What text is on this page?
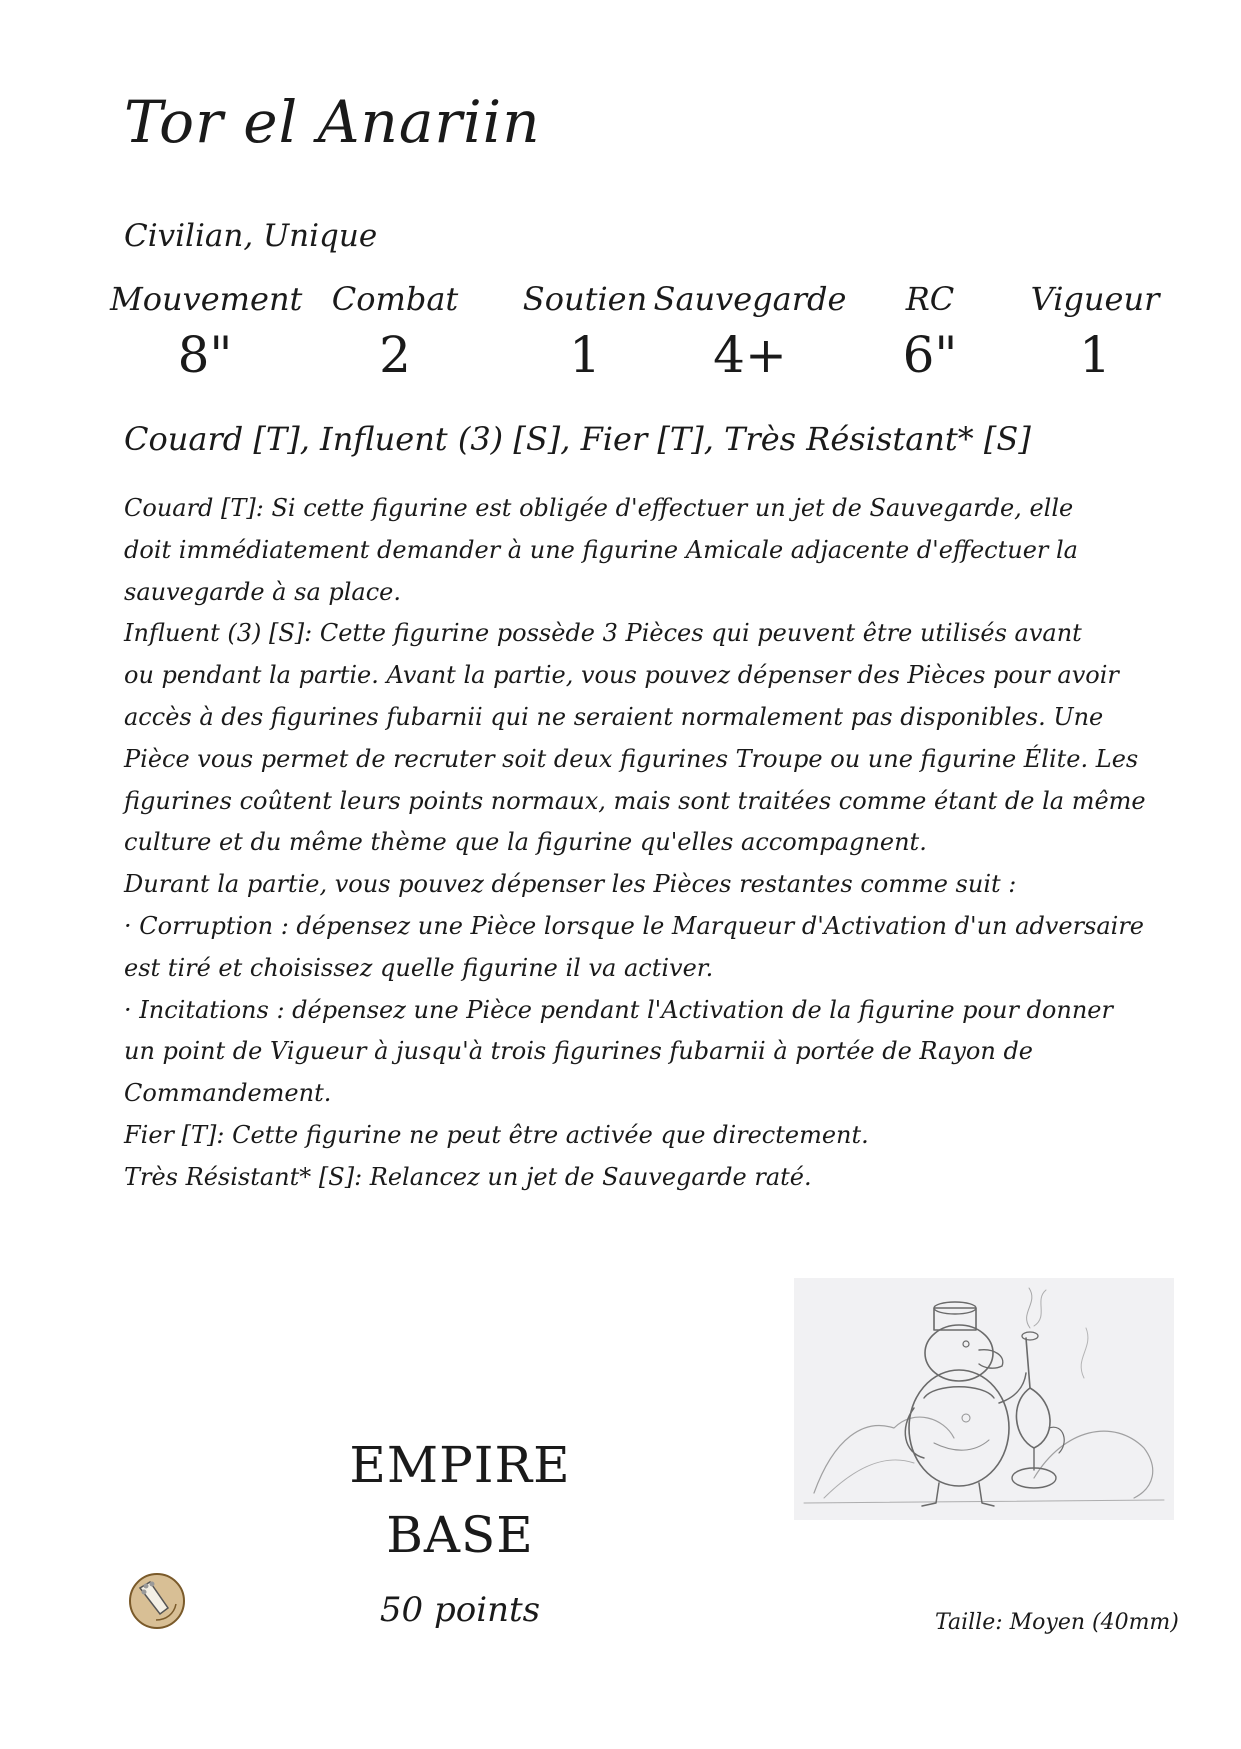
Tor el Anariin
Civilian, Unique
Mouvement
8"
Combat
2
Soutien
1
Sauvegarde
4+
RC
6"
Vigueur
1
Couard [T], Influent (3) [S], Fier [T], Très Résistant* [S]
Couard [T]: Si cette figurine est obligée d'effectuer un jet de Sauvegarde, elle
doit immédiatement demander à une figurine Amicale adjacente d'effectuer la
sauvegarde à sa place.
Influent (3) [S]: Cette figurine possède 3 Pièces qui peuvent être utilisés avant
ou pendant la partie. Avant la partie, vous pouvez dépenser des Pièces pour avoir
accès à des figurines fubarnii qui ne seraient normalement pas disponibles. Une
Pièce vous permet de recruter soit deux figurines Troupe ou une figurine Élite. Les
figurines coûtent leurs points normaux, mais sont traitées comme étant de la même
culture et du même thème que la figurine qu'elles accompagnent.
Durant la partie, vous pouvez dépenser les Pièces restantes comme suit :
· Corruption : dépensez une Pièce lorsque le Marqueur d'Activation d'un adversaire
est tiré et choisissez quelle figurine il va activer.
· Incitations : dépensez une Pièce pendant l'Activation de la figurine pour donner
un point de Vigueur à jusqu'à trois figurines fubarnii à portée de Rayon de
Commandement.
Fier [T]: Cette figurine ne peut être activée que directement.
Très Résistant* [S]: Relancez un jet de Sauvegarde raté.
EMPIRE
BASE
50 points	Taille: Moyen (40mm)
